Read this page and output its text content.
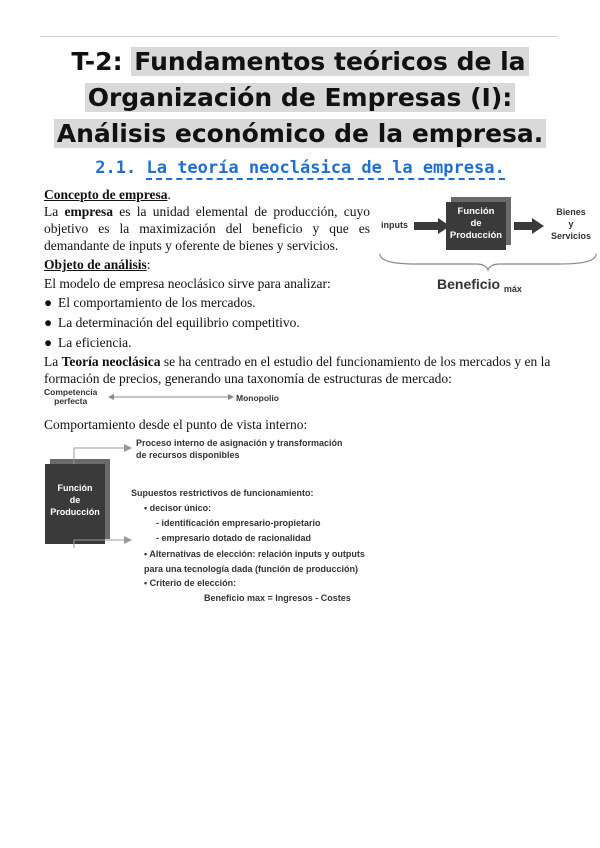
T-2: Fundamentos teóricos de la
Organización de Empresas (I):
Análisis económico de la empresa.
2.1. La teoría neoclásica de la empresa.

Concepto de empresa.

La empresa es la unidad elemental de producción, cuyo objetivo es la maximización del beneficio y que es demandante de inputs y oferente de bienes y servicios.

inputs
Función
de
Producción
Bienes
y
Servicios
Beneficio $_{máx}$

Objeto de análisis:

El modelo de empresa neoclásico sirve para analizar:

● El comportamiento de los mercados.

● La determinación del equilibrio competitivo.

● La eficiencia.

La Teoría neoclásica se ha centrado en el estudio del funcionamiento de los mercados y en la formación de precios, generando una taxonomía de estructuras de mercado:

Competencia
perfecta	Monopolio

Comportamiento desde el punto de vista interno:

Función
de
Producción
Proceso interno de asignación y transformación
de recursos disponibles
Supuestos restrictivos de funcionamiento:
• decisor único:
- identificación empresario-propietario
- empresario dotado de racionalidad
• Alternativas de elección: relación inputs y outputs
para una tecnología dada (función de producción)
• Criterio de elección:
Beneficio max = Ingresos - Costes
